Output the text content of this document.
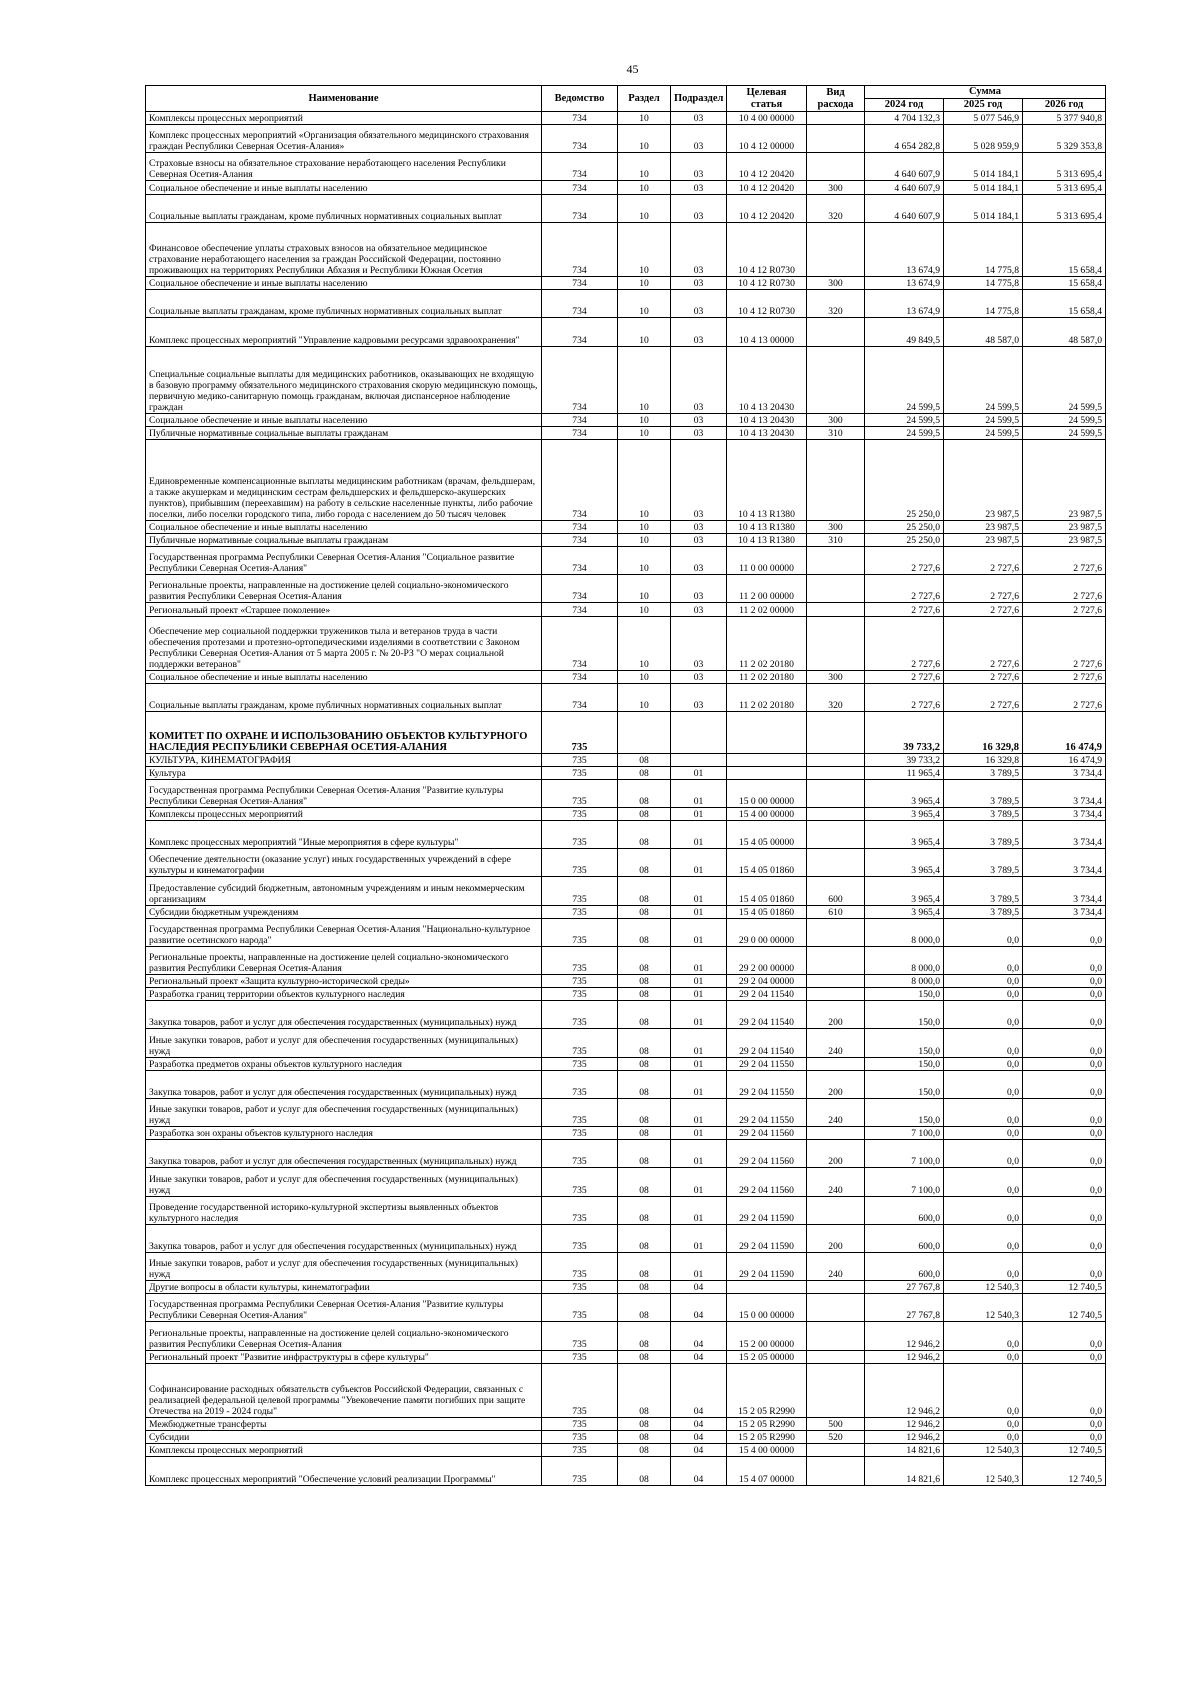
45
Наименование	Ведомство	Раздел	Подраздел	Целевая статья	Вид расхода	Сумма		
						2024 год	2025 год	2026 год
Комплексы процессных мероприятий	734	10	03	10 4 00 00000		4 704 132,3	5 077 546,9	5 377 940,8
Комплекс процессных мероприятий «Организация обязательного медицинского страхования граждан Республики Северная Осетия-Алания»	734	10	03	10 4 12 00000		4 654 282,8	5 028 959,9	5 329 353,8
Страховые взносы на обязательное страхование неработающего населения Республики Северная Осетия-Алания	734	10	03	10 4 12 20420		4 640 607,9	5 014 184,1	5 313 695,4
Социальное обеспечение и иные выплаты населению	734	10	03	10 4 12 20420	300	4 640 607,9	5 014 184,1	5 313 695,4
Социальные выплаты гражданам, кроме публичных нормативных социальных выплат	734	10	03	10 4 12 20420	320	4 640 607,9	5 014 184,1	5 313 695,4
Финансовое обеспечение уплаты страховых взносов на обязательное медицинское страхование неработающего населения за граждан Российской Федерации, постоянно проживающих на территориях Республики Абхазия и Республики Южная Осетия	734	10	03	10 4 12 R0730		13 674,9	14 775,8	15 658,4
Социальное обеспечение и иные выплаты населению	734	10	03	10 4 12 R0730	300	13 674,9	14 775,8	15 658,4
Социальные выплаты гражданам, кроме публичных нормативных социальных выплат	734	10	03	10 4 12 R0730	320	13 674,9	14 775,8	15 658,4
Комплекс процессных мероприятий "Управление кадровыми ресурсами здравоохранения"	734	10	03	10 4 13 00000		49 849,5	48 587,0	48 587,0
Специальные социальные выплаты для медицинских работников, оказывающих не входящую в базовую программу обязательного медицинского страхования скорую медицинскую помощь, первичную медико-санитарную помощь гражданам, включая диспансерное наблюдение граждан	734	10	03	10 4 13 20430		24 599,5	24 599,5	24 599,5
Социальное обеспечение и иные выплаты населению	734	10	03	10 4 13 20430	300	24 599,5	24 599,5	24 599,5
Публичные нормативные социальные выплаты гражданам	734	10	03	10 4 13 20430	310	24 599,5	24 599,5	24 599,5
Единовременные компенсационные выплаты медицинским работникам (врачам, фельдшерам, а также акушеркам и медицинским сестрам фельдшерских и фельдшерско-акушерских пунктов), прибывшим (переехавшим) на работу в сельские населенные пункты, либо рабочие поселки, либо поселки городского типа, либо города с населением до 50 тысяч человек	734	10	03	10 4 13 R1380		25 250,0	23 987,5	23 987,5
Социальное обеспечение и иные выплаты населению	734	10	03	10 4 13 R1380	300	25 250,0	23 987,5	23 987,5
Публичные нормативные социальные выплаты гражданам	734	10	03	10 4 13 R1380	310	25 250,0	23 987,5	23 987,5
Государственная программа Республики Северная Осетия-Алания "Социальное развитие Республики Северная Осетия-Алания"	734	10	03	11 0 00 00000		2 727,6	2 727,6	2 727,6
Региональные проекты, направленные на достижение целей социально-экономического развития Республики Северная Осетия-Алания	734	10	03	11 2 00 00000		2 727,6	2 727,6	2 727,6
Региональный проект «Старшее поколение»	734	10	03	11 2 02 00000		2 727,6	2 727,6	2 727,6
Обеспечение мер социальной поддержки тружеников тыла и ветеранов труда в части обеспечения протезами и протезно-ортопедическими изделиями в соответствии с Законом Республики Северная Осетия-Алания от 5 марта 2005 г. № 20-РЗ "О мерах социальной поддержки ветеранов"	734	10	03	11 2 02 20180		2 727,6	2 727,6	2 727,6
Социальное обеспечение и иные выплаты населению	734	10	03	11 2 02 20180	300	2 727,6	2 727,6	2 727,6
Социальные выплаты гражданам, кроме публичных нормативных социальных выплат	734	10	03	11 2 02 20180	320	2 727,6	2 727,6	2 727,6
КОМИТЕТ ПО ОХРАНЕ И ИСПОЛЬЗОВАНИЮ ОБЪЕКТОВ КУЛЬТУРНОГО НАСЛЕДИЯ РЕСПУБЛИКИ СЕВЕРНАЯ ОСЕТИЯ-АЛАНИЯ	735					39 733,2	16 329,8	16 474,9
КУЛЬТУРА, КИНЕМАТОГРАФИЯ	735	08				39 733,2	16 329,8	16 474,9
Культура	735	08	01			11 965,4	3 789,5	3 734,4
Государственная программа Республики Северная Осетия-Алания "Развитие культуры Республики Северная Осетия-Алания"	735	08	01	15 0 00 00000		3 965,4	3 789,5	3 734,4
Комплексы процессных мероприятий	735	08	01	15 4 00 00000		3 965,4	3 789,5	3 734,4
Комплекс процессных мероприятий "Иные мероприятия в сфере культуры"	735	08	01	15 4 05 00000		3 965,4	3 789,5	3 734,4
Обеспечение деятельности (оказание услуг) иных государственных учреждений в сфере культуры и кинематографии	735	08	01	15 4 05 01860		3 965,4	3 789,5	3 734,4
Предоставление субсидий бюджетным, автономным учреждениям и иным некоммерческим организациям	735	08	01	15 4 05 01860	600	3 965,4	3 789,5	3 734,4
Субсидии бюджетным учреждениям	735	08	01	15 4 05 01860	610	3 965,4	3 789,5	3 734,4
Государственная программа Республики Северная Осетия-Алания "Национально-культурное развитие осетинского народа"	735	08	01	29 0 00 00000		8 000,0	0,0	0,0
Региональные проекты, направленные на достижение целей социально-экономического развития Республики Северная Осетия-Алания	735	08	01	29 2 00 00000		8 000,0	0,0	0,0
Региональный проект «Защита культурно-исторической среды»	735	08	01	29 2 04 00000		8 000,0	0,0	0,0
Разработка границ территории объектов культурного наследия	735	08	01	29 2 04 11540		150,0	0,0	0,0
Закупка товаров, работ и услуг для обеспечения государственных (муниципальных) нужд	735	08	01	29 2 04 11540	200	150,0	0,0	0,0
Иные закупки товаров, работ и услуг для обеспечения государственных (муниципальных) нужд	735	08	01	29 2 04 11540	240	150,0	0,0	0,0
Разработка предметов охраны объектов культурного наследия	735	08	01	29 2 04 11550		150,0	0,0	0,0
Закупка товаров, работ и услуг для обеспечения государственных (муниципальных) нужд	735	08	01	29 2 04 11550	200	150,0	0,0	0,0
Иные закупки товаров, работ и услуг для обеспечения государственных (муниципальных) нужд	735	08	01	29 2 04 11550	240	150,0	0,0	0,0
Разработка зон охраны объектов культурного наследия	735	08	01	29 2 04 11560		7 100,0	0,0	0,0
Закупка товаров, работ и услуг для обеспечения государственных (муниципальных) нужд	735	08	01	29 2 04 11560	200	7 100,0	0,0	0,0
Иные закупки товаров, работ и услуг для обеспечения государственных (муниципальных) нужд	735	08	01	29 2 04 11560	240	7 100,0	0,0	0,0
Проведение государственной историко-культурной экспертизы выявленных объектов культурного наследия	735	08	01	29 2 04 11590		600,0	0,0	0,0
Закупка товаров, работ и услуг для обеспечения государственных (муниципальных) нужд	735	08	01	29 2 04 11590	200	600,0	0,0	0,0
Иные закупки товаров, работ и услуг для обеспечения государственных (муниципальных) нужд	735	08	01	29 2 04 11590	240	600,0	0,0	0,0
Другие вопросы в области культуры, кинематографии	735	08	04			27 767,8	12 540,3	12 740,5
Государственная программа Республики Северная Осетия-Алания "Развитие культуры Республики Северная Осетия-Алания"	735	08	04	15 0 00 00000		27 767,8	12 540,3	12 740,5
Региональные проекты, направленные на достижение целей социально-экономического развития Республики Северная Осетия-Алания	735	08	04	15 2 00 00000		12 946,2	0,0	0,0
Региональный проект "Развитие инфраструктуры в сфере культуры"	735	08	04	15 2 05 00000		12 946,2	0,0	0,0
Софинансирование расходных обязательств субъектов Российской Федерации, связанных с реализацией федеральной целевой программы "Увековечение памяти погибших при защите Отечества на 2019 - 2024 годы"	735	08	04	15 2 05 R2990		12 946,2	0,0	0,0
Межбюджетные трансферты	735	08	04	15 2 05 R2990	500	12 946,2	0,0	0,0
Субсидии	735	08	04	15 2 05 R2990	520	12 946,2	0,0	0,0
Комплексы процессных мероприятий	735	08	04	15 4 00 00000		14 821,6	12 540,3	12 740,5
Комплекс процессных мероприятий "Обеспечение условий реализации Программы"	735	08	04	15 4 07 00000		14 821,6	12 540,3	12 740,5
